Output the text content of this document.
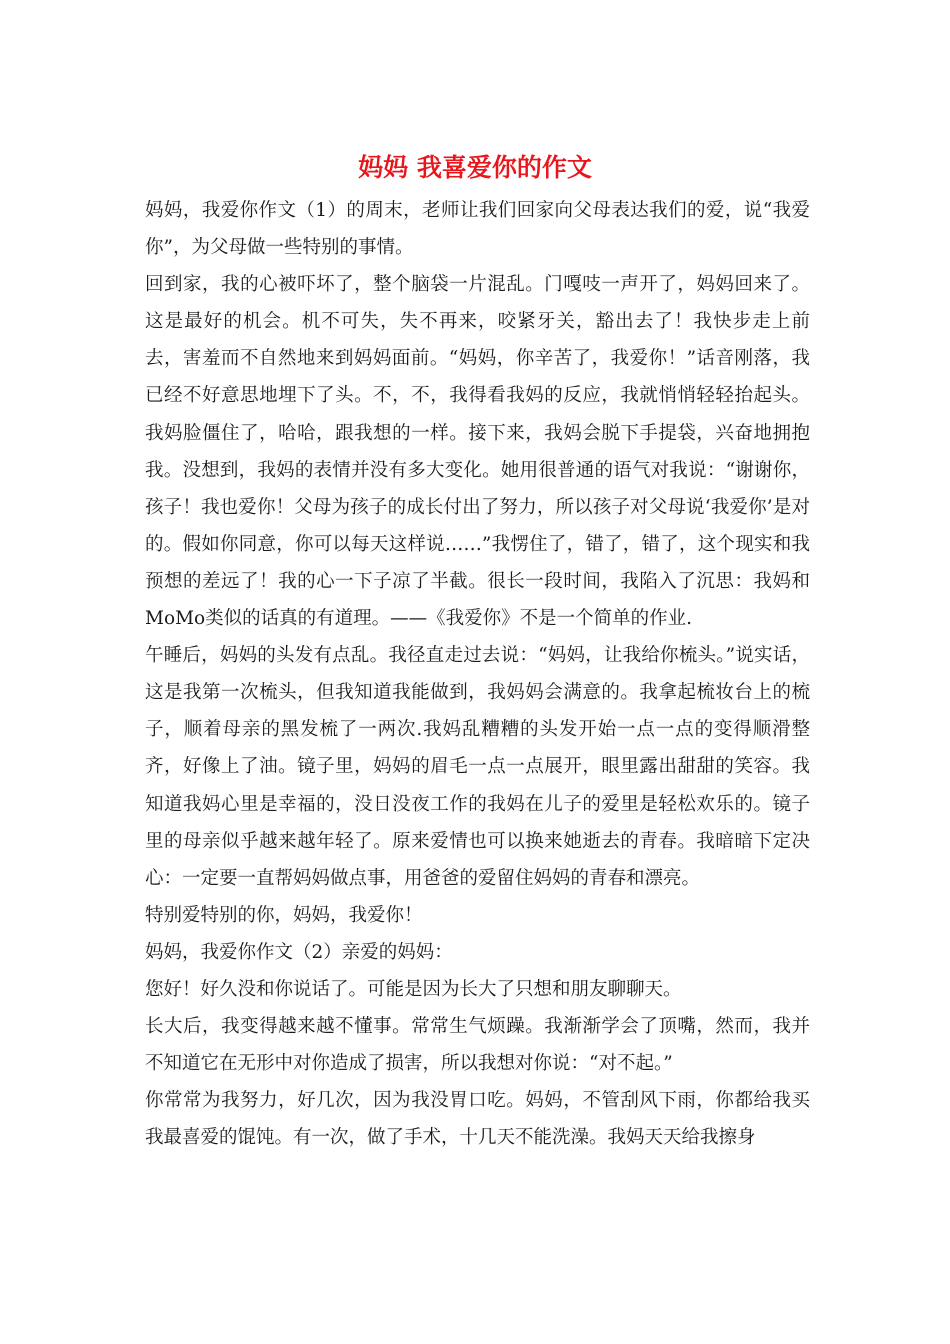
妈妈 我喜爱你的作文

妈妈，我爱你作文（1）的周末，老师让我们回家向父母表达我们的爱，说“我爱你”，为父母做一些特别的事情。

回到家，我的心被吓坏了，整个脑袋一片混乱。门嘎吱一声开了，妈妈回来了。这是最好的机会。机不可失，失不再来，咬紧牙关，豁出去了！我快步走上前去，害羞而不自然地来到妈妈面前。“妈妈，你辛苦了，我爱你！”话音刚落，我已经不好意思地埋下了头。不，不，我得看我妈的反应，我就悄悄轻轻抬起头。我妈脸僵住了，哈哈，跟我想的一样。接下来，我妈会脱下手提袋，兴奋地拥抱我。没想到，我妈的表情并没有多大变化。她用很普通的语气对我说：“谢谢你，孩子！我也爱你！父母为孩子的成长付出了努力，所以孩子对父母说‘我爱你’是对的。假如你同意，你可以每天这样说……”我愣住了，错了，错了，这个现实和我预想的差远了！我的心一下子凉了半截。很长一段时间，我陷入了沉思：我妈和MoMo类似的话真的有道理。——《我爱你》不是一个简单的作业.

午睡后，妈妈的头发有点乱。我径直走过去说：“妈妈，让我给你梳头。”说实话，这是我第一次梳头，但我知道我能做到，我妈妈会满意的。我拿起梳妆台上的梳子，顺着母亲的黑发梳了一两次.我妈乱糟糟的头发开始一点一点的变得顺滑整齐，好像上了油。镜子里，妈妈的眉毛一点一点展开，眼里露出甜甜的笑容。我知道我妈心里是幸福的，没日没夜工作的我妈在儿子的爱里是轻松欢乐的。镜子里的母亲似乎越来越年轻了。原来爱情也可以换来她逝去的青春。我暗暗下定决心：一定要一直帮妈妈做点事，用爸爸的爱留住妈妈的青春和漂亮。

特别爱特别的你，妈妈，我爱你！

妈妈，我爱你作文（2）亲爱的妈妈：

您好！好久没和你说话了。可能是因为长大了只想和朋友聊聊天。

长大后，我变得越来越不懂事。常常生气烦躁。我渐渐学会了顶嘴，然而，我并不知道它在无形中对你造成了损害，所以我想对你说：“对不起。”

你常常为我努力，好几次，因为我没胃口吃。妈妈，不管刮风下雨，你都给我买我最喜爱的馄饨。有一次，做了手术，十几天不能洗澡。我妈天天给我擦身
